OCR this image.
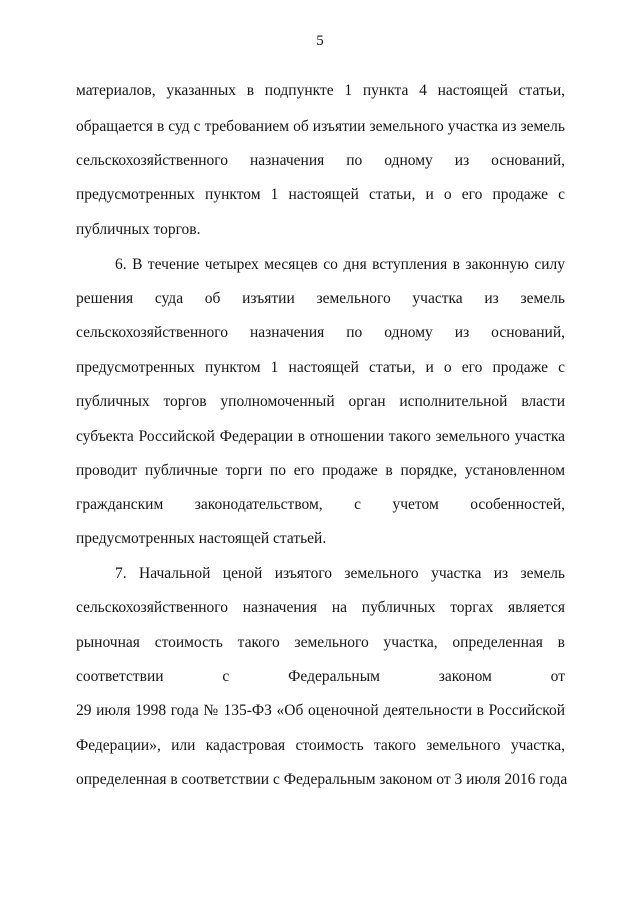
5
материалов, указанных в подпункте 1 пункта 4 настоящей статьи,
обращается в суд с требованием об изъятии земельного участка из земель
сельскохозяйственного назначения по одному из оснований,
предусмотренных пунктом 1 настоящей статьи, и о его продаже с
публичных торгов.
6. В течение четырех месяцев со дня вступления в законную силу
решения суда об изъятии земельного участка из земель
сельскохозяйственного назначения по одному из оснований,
предусмотренных пунктом 1 настоящей статьи, и о его продаже с
публичных торгов уполномоченный орган исполнительной власти
субъекта Российской Федерации в отношении такого земельного участка
проводит публичные торги по его продаже в порядке, установленном
гражданским законодательством, с учетом особенностей,
предусмотренных настоящей статьей.
7. Начальной ценой изъятого земельного участка из земель
сельскохозяйственного назначения на публичных торгах является
рыночная стоимость такого земельного участка, определенная в
соответствии с Федеральным законом от
29 июля 1998 года № 135-ФЗ «Об оценочной деятельности в Российской
Федерации», или кадастровая стоимость такого земельного участка,
определенная в соответствии с Федеральным законом от 3 июля 2016 года
